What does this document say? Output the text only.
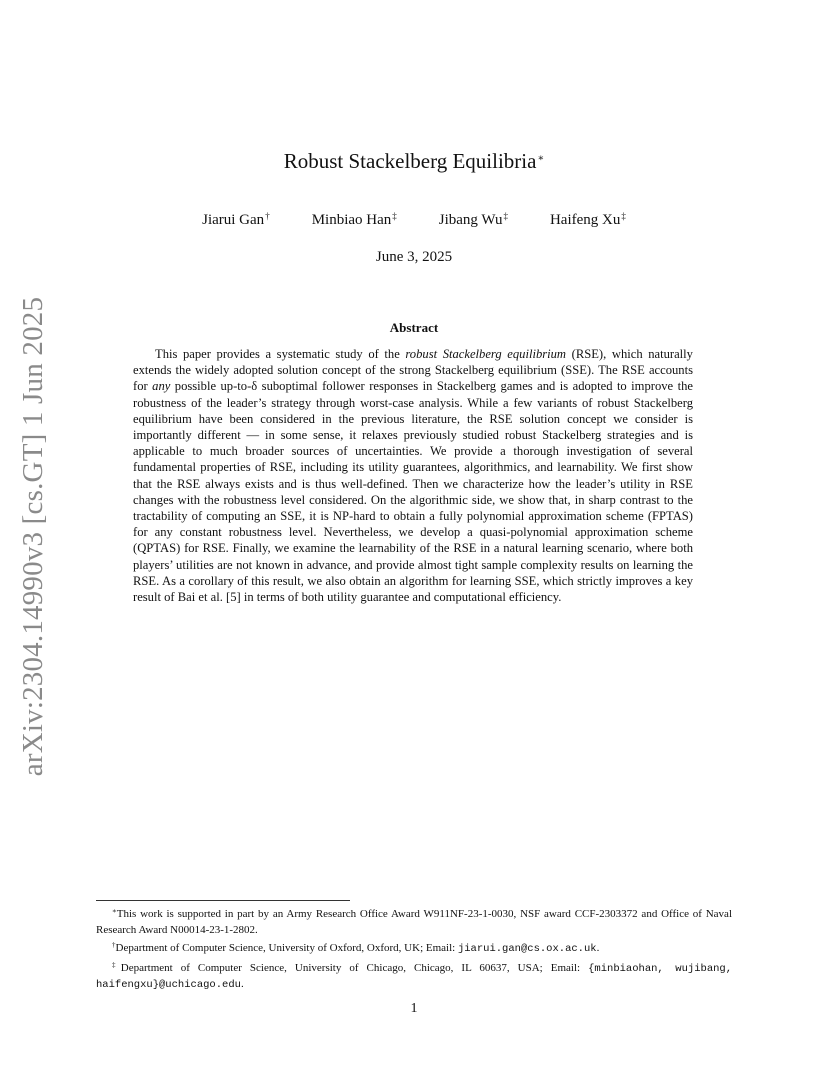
arXiv:2304.14990v3 [cs.GT] 1 Jun 2025
Robust Stackelberg Equilibria∗
Jiarui Gan†	Minbiao Han‡	Jibang Wu‡	Haifeng Xu‡
June 3, 2025
Abstract

This paper provides a systematic study of the robust Stackelberg equilibrium (RSE), which naturally extends the widely adopted solution concept of the strong Stackelberg equilibrium (SSE). The RSE accounts for any possible up-to-δ suboptimal follower responses in Stackelberg games and is adopted to improve the robustness of the leader’s strategy through worst-case analysis. While a few variants of robust Stackelberg equilibrium have been considered in the previous literature, the RSE solution concept we consider is importantly different — in some sense, it relaxes previously studied robust Stackelberg strategies and is applicable to much broader sources of uncertainties. We provide a thorough investigation of several fundamental properties of RSE, including its utility guarantees, algorithmics, and learnability. We first show that the RSE always exists and is thus well-defined. Then we characterize how the leader’s utility in RSE changes with the robustness level considered. On the algorithmic side, we show that, in sharp contrast to the tractability of computing an SSE, it is NP-hard to obtain a fully polynomial approximation scheme (FPTAS) for any constant robustness level. Nevertheless, we develop a quasi-polynomial approximation scheme (QPTAS) for RSE. Finally, we examine the learnability of the RSE in a natural learning scenario, where both players’ utilities are not known in advance, and provide almost tight sample complexity results on learning the RSE. As a corollary of this result, we also obtain an algorithm for learning SSE, which strictly improves a key result of Bai et al. [5] in terms of both utility guarantee and computational efficiency.

∗This work is supported in part by an Army Research Office Award W911NF-23-1-0030, NSF award CCF-2303372 and Office of Naval Research Award N00014-23-1-2802.

†Department of Computer Science, University of Oxford, Oxford, UK; Email: jiarui.gan@cs.ox.ac.uk.

‡Department of Computer Science, University of Chicago, Chicago, IL 60637, USA; Email: {minbiaohan, wujibang, haifengxu}@uchicago.edu.

1
